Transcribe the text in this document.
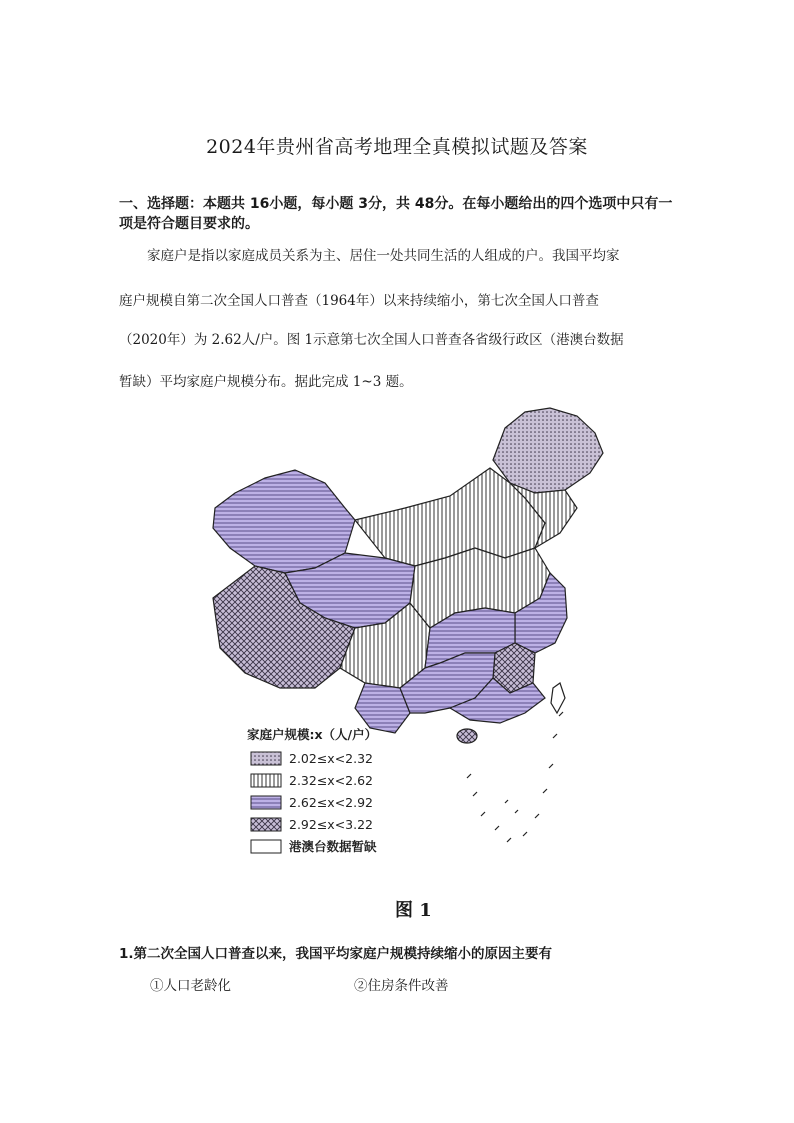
2024年贵州省高考地理全真模拟试题及答案
一、选择题：本题共 16小题，每小题 3分，共 48分。在每小题给出的四个选项中只有一项是符合题目要求的。
家庭户是指以家庭成员关系为主、居住一处共同生活的人组成的户。我国平均家
庭户规模自第二次全国人口普查（1964年）以来持续缩小，第七次全国人口普查
（2020年）为 2.62人/户。图 1示意第七次全国人口普查各省级行政区（港澳台数据
暂缺）平均家庭户规模分布。据此完成 1~3 题。
家庭户规模:x（人/户）
2.02≤x<2.32
2.32≤x<2.62
2.62≤x<2.92
2.92≤x<3.22
港澳台数据暂缺
图 1
1.第二次全国人口普查以来，我国平均家庭户规模持续缩小的原因主要有
①人口老龄化	②住房条件改善
